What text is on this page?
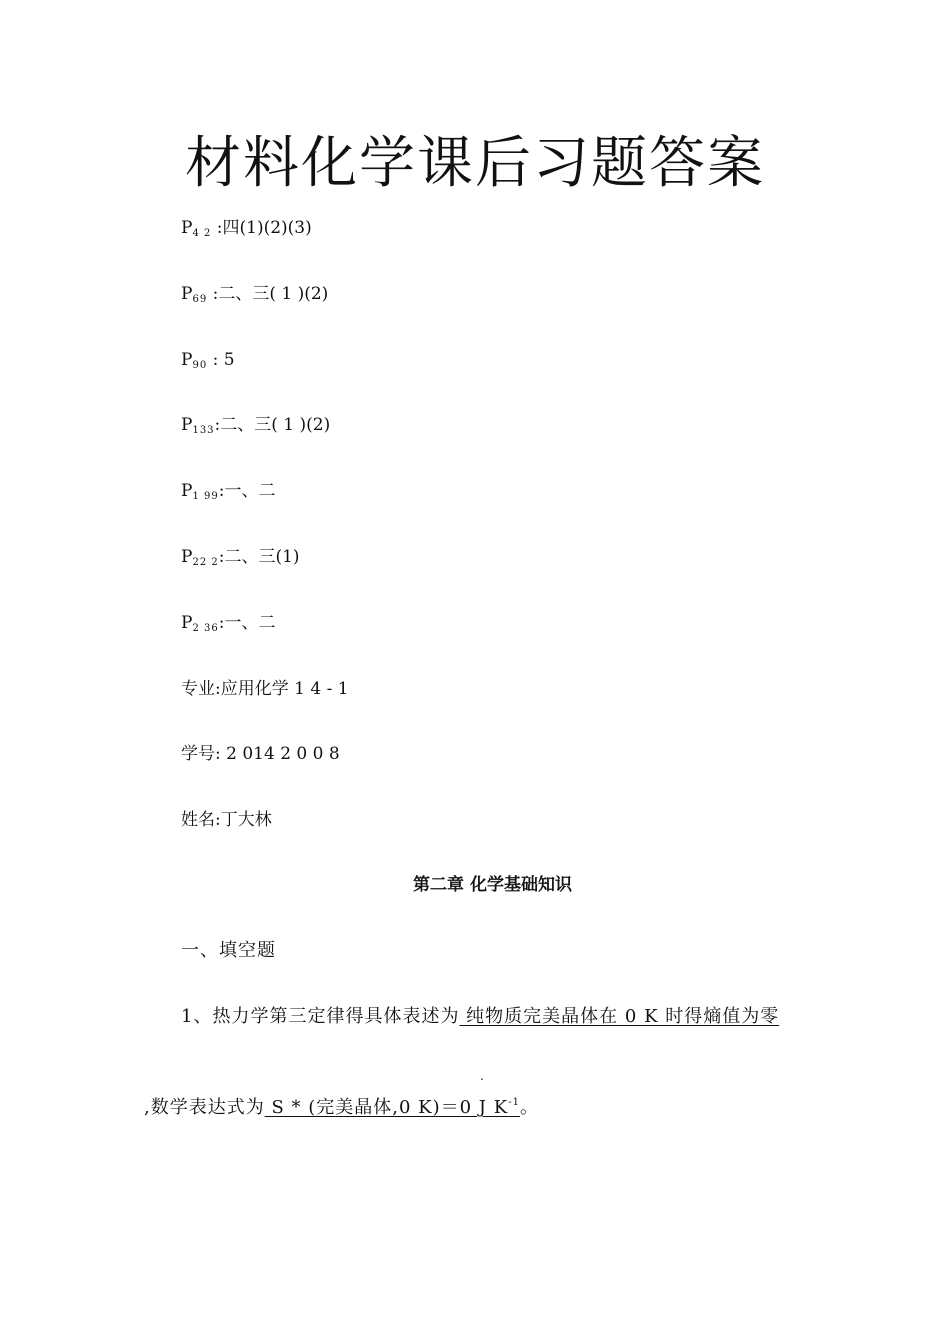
材料化学课后习题答案
$P_{4 2}$ :四(1)(2)(3)
$P_{69}$ :二、三( 1 )(2)
$P_{90}$ : 5
$P_{133}$:二、三( 1 )(2)
$P_{1 99}$:一、二
$P_{22 2}$:二、三(1)
$P_{2 36}$:一、二
专业:应用化学 1 4 - 1
学号: 2 014 2 0 0 8
姓名:丁大林
第二章 化学基础知识
一、填空题
1、热力学第三定律得具体表述为 纯物质完美晶体在 0 K 时得熵值为零
.
,数学表达式为 S * (完美晶体,0 K)＝0 J $K^{-1}$。
